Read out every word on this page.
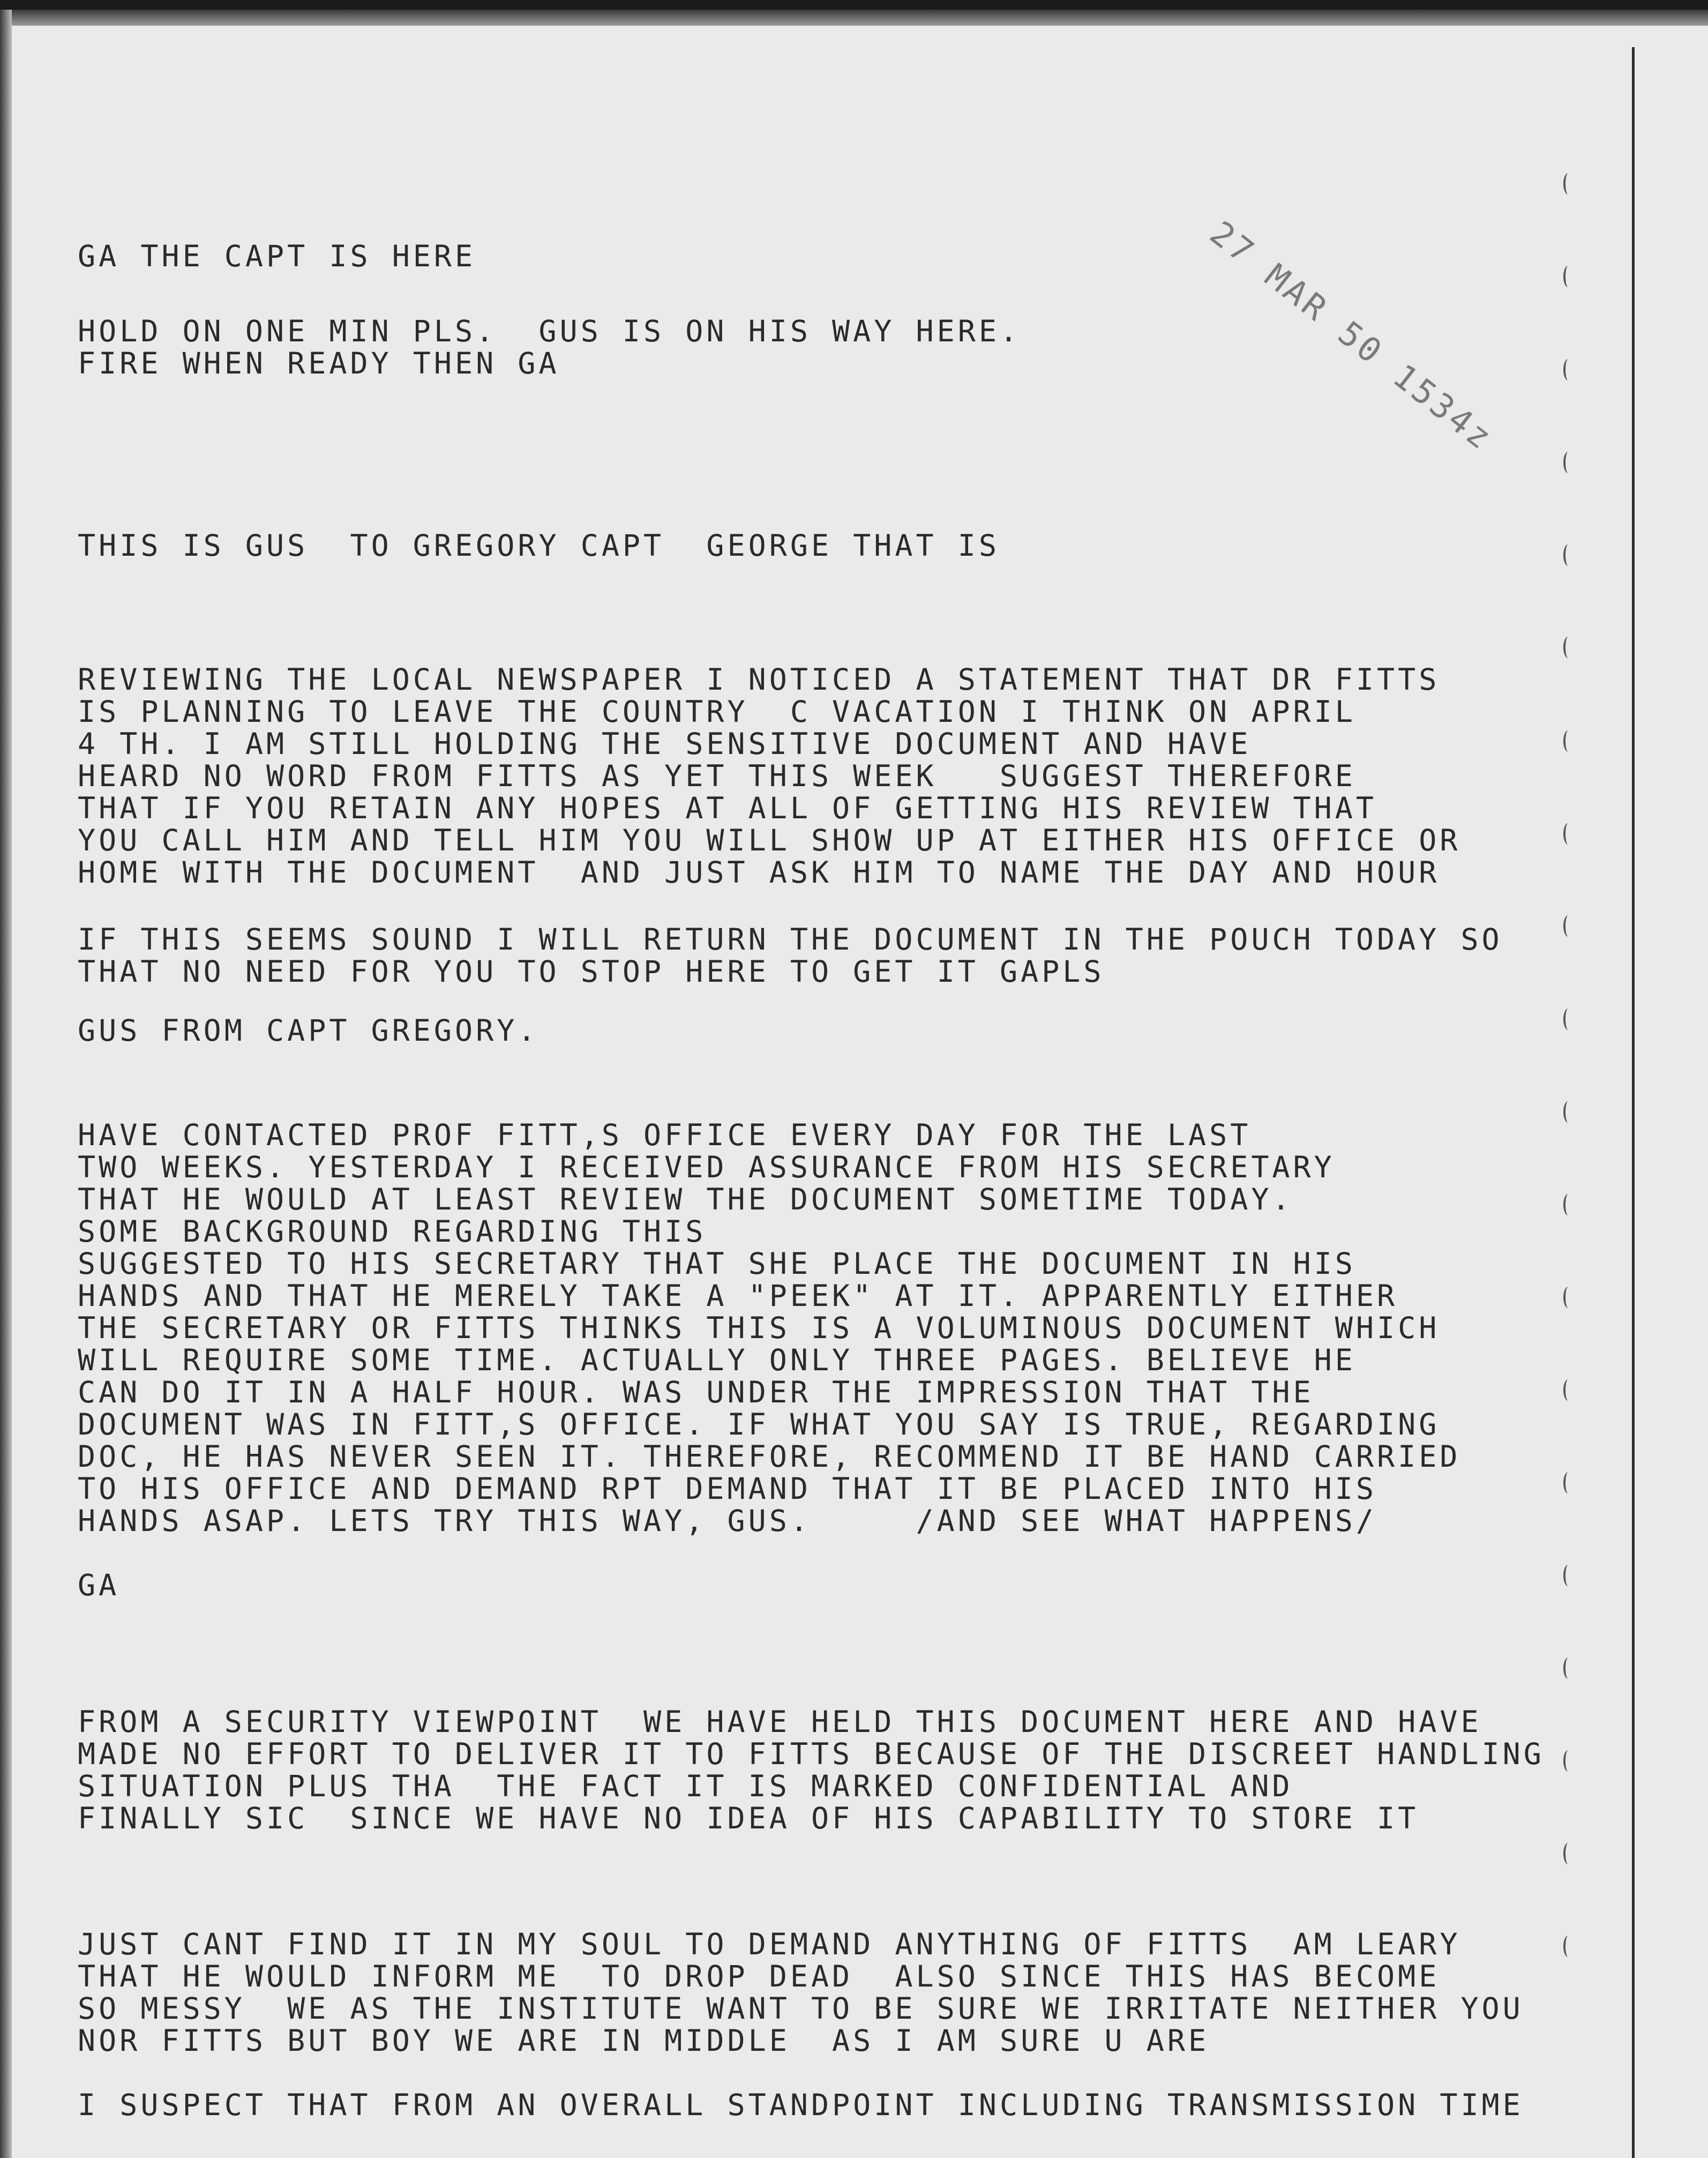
27 MAR 50 1534z
GA THE CAPT IS HERE
HOLD ON ONE MIN PLS.  GUS IS ON HIS WAY HERE.
FIRE WHEN READY THEN GA
THIS IS GUS  TO GREGORY CAPT  GEORGE THAT IS
REVIEWING THE LOCAL NEWSPAPER I NOTICED A STATEMENT THAT DR FITTS
IS PLANNING TO LEAVE THE COUNTRY  C VACATION I THINK ON APRIL
4 TH. I AM STILL HOLDING THE SENSITIVE DOCUMENT AND HAVE
HEARD NO WORD FROM FITTS AS YET THIS WEEK   SUGGEST THEREFORE
THAT IF YOU RETAIN ANY HOPES AT ALL OF GETTING HIS REVIEW THAT
YOU CALL HIM AND TELL HIM YOU WILL SHOW UP AT EITHER HIS OFFICE OR
HOME WITH THE DOCUMENT  AND JUST ASK HIM TO NAME THE DAY AND HOUR
IF THIS SEEMS SOUND I WILL RETURN THE DOCUMENT IN THE POUCH TODAY SO
THAT NO NEED FOR YOU TO STOP HERE TO GET IT GAPLS
GUS FROM CAPT GREGORY.
HAVE CONTACTED PROF FITT,S OFFICE EVERY DAY FOR THE LAST
TWO WEEKS. YESTERDAY I RECEIVED ASSURANCE FROM HIS SECRETARY
THAT HE WOULD AT LEAST REVIEW THE DOCUMENT SOMETIME TODAY.
SOME BACKGROUND REGARDING THIS
SUGGESTED TO HIS SECRETARY THAT SHE PLACE THE DOCUMENT IN HIS
HANDS AND THAT HE MERELY TAKE A "PEEK" AT IT. APPARENTLY EITHER
THE SECRETARY OR FITTS THINKS THIS IS A VOLUMINOUS DOCUMENT WHICH
WILL REQUIRE SOME TIME. ACTUALLY ONLY THREE PAGES. BELIEVE HE
CAN DO IT IN A HALF HOUR. WAS UNDER THE IMPRESSION THAT THE
DOCUMENT WAS IN FITT,S OFFICE. IF WHAT YOU SAY IS TRUE, REGARDING
DOC, HE HAS NEVER SEEN IT. THEREFORE, RECOMMEND IT BE HAND CARRIED
TO HIS OFFICE AND DEMAND RPT DEMAND THAT IT BE PLACED INTO HIS
HANDS ASAP. LETS TRY THIS WAY, GUS.     /AND SEE WHAT HAPPENS/
GA
FROM A SECURITY VIEWPOINT  WE HAVE HELD THIS DOCUMENT HERE AND HAVE
MADE NO EFFORT TO DELIVER IT TO FITTS BECAUSE OF THE DISCREET HANDLING
SITUATION PLUS THA  THE FACT IT IS MARKED CONFIDENTIAL AND
FINALLY SIC  SINCE WE HAVE NO IDEA OF HIS CAPABILITY TO STORE IT
JUST CANT FIND IT IN MY SOUL TO DEMAND ANYTHING OF FITTS  AM LEARY
THAT HE WOULD INFORM ME  TO DROP DEAD  ALSO SINCE THIS HAS BECOME
SO MESSY  WE AS THE INSTITUTE WANT TO BE SURE WE IRRITATE NEITHER YOU
NOR FITTS BUT BOY WE ARE IN MIDDLE  AS I AM SURE U ARE
I SUSPECT THAT FROM AN OVERALL STANDPOINT INCLUDING TRANSMISSION TIME
